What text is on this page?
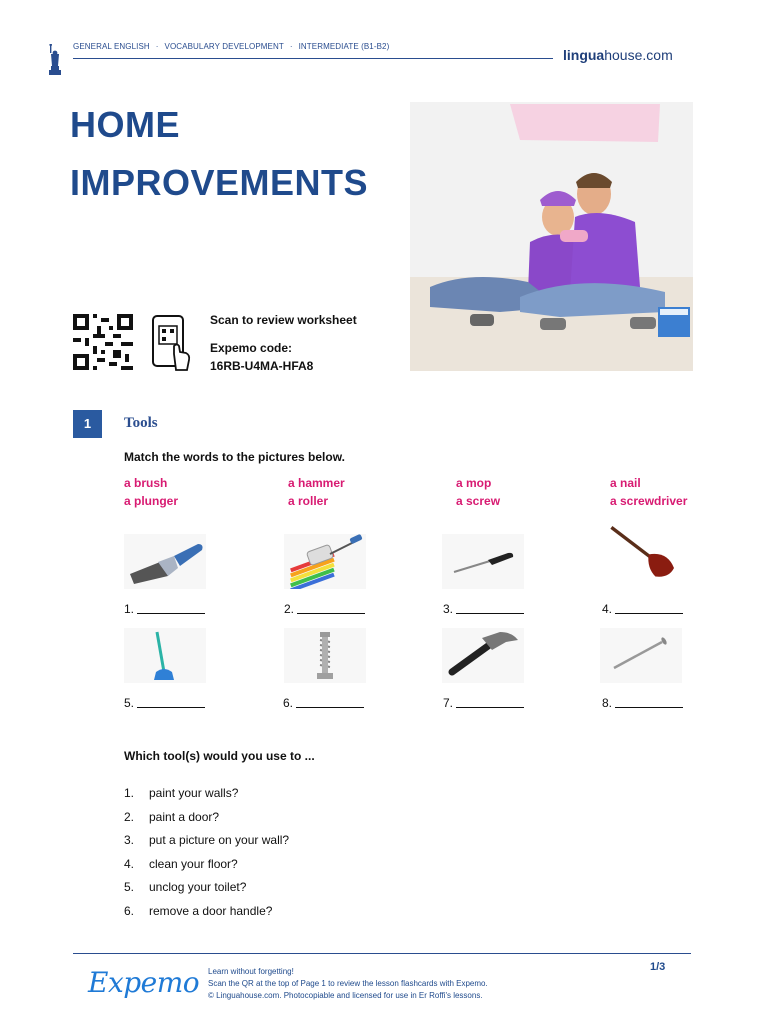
GENERAL ENGLISH · VOCABULARY DEVELOPMENT · INTERMEDIATE (B1-B2)
linguahouse.com
HOME
IMPROVEMENTS
Scan to review worksheet
Expemo code:
16RB-U4MA-HFA8
1	Tools
Match the words to the pictures below.
a brush	a hammer	a mop	a nail
a plunger	a roller	a screw	a screwdriver
1.	2.	3.	4.
5.	6.	7.	8.
Which tool(s) would you use to ...
1.	paint your walls?
2.	paint a door?
3.	put a picture on your wall?
4.	clean your floor?
5.	unclog your toilet?
6.	remove a door handle?
Expemo Learn without forgetting!
Scan the QR at the top of Page 1 to review the lesson flashcards with Expemo.
© Linguahouse.com. Photocopiable and licensed for use in Er Roffi's lessons.
1/3
